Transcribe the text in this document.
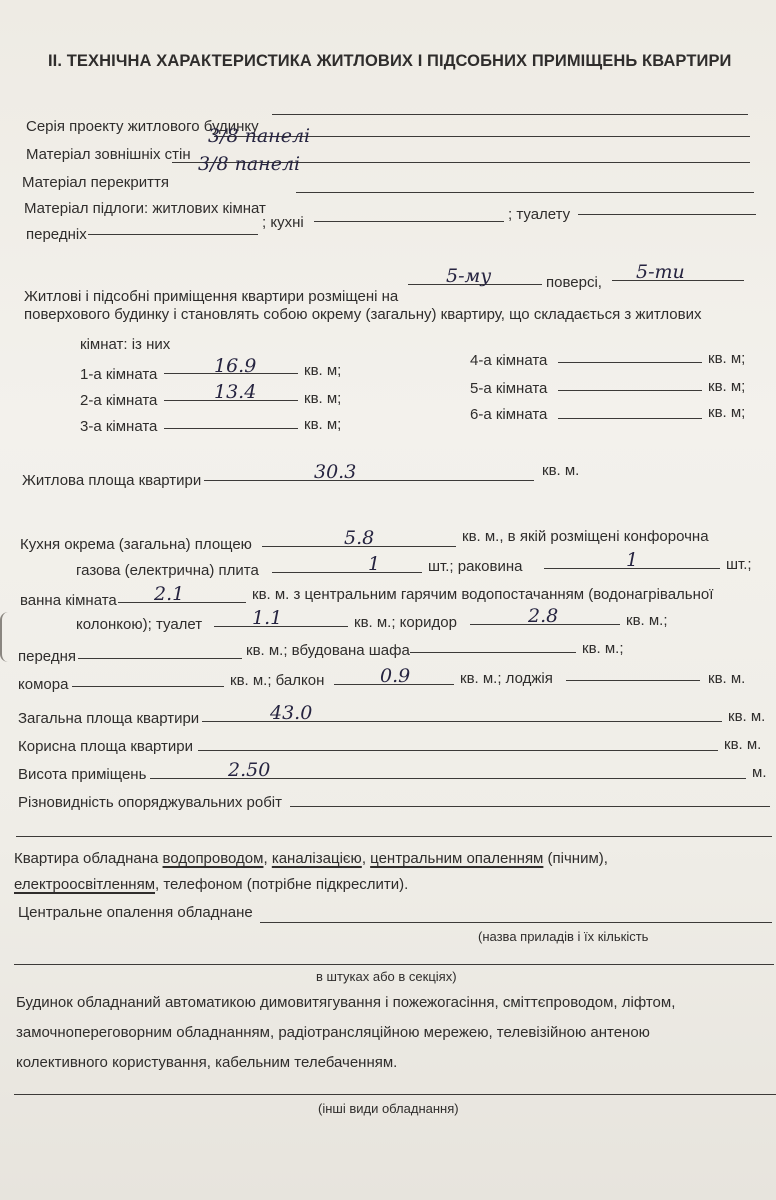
II. ТЕХНІЧНА ХАРАКТЕРИСТИКА ЖИТЛОВИХ І ПІДСОБНИХ ПРИМІЩЕНЬ КВАРТИРИ
Серія проекту житлового будинку
Матеріал зовнішніх стін
3/8 панелі
Матеріал перекриття
3/8 панелі
Матеріал підлоги: житлових кімнат
передніх
; кухні	; туалету
Житлові і підсобні приміщення квартири розміщені на
5-му	поверсі, 5-ти
поверхового будинку і становлять собою окрему (загальну) квартиру, що складається з житлових
кімнат: із них
1-а кімната	16.9	кв. м;
2-а кімната	13.4	кв. м;
3-а кімната	кв. м;
4-а кімната	кв. м;
5-а кімната	кв. м;
6-а кімната	кв. м;
Житлова площа квартири	30.3	кв. м.
Кухня окрема (загальна) площею	5.8	кв. м., в якій розміщені конфорочна
газова (електрична) плита	1	шт.; раковина	1	шт.;
ванна кімната 2.1	кв. м. з центральним гарячим водопостачанням (водонагрівальної
колонкою); туалет	1.1	кв. м.; коридор	2.8	кв. м.;
передня	кв. м.; вбудована шафа	кв. м.;
комора	кв. м.; балкон	0.9	кв. м.; лоджія	кв. м.
Загальна площа квартири	43.0	кв. м.
Корисна площа квартири	кв. м.
Висота приміщень	2.50	м.
Різновидність опоряджувальних робіт
Квартира обладнана водопроводом, каналізацією, центральним опаленням (пічним),
електроосвітленням, телефоном (потрібне підкреслити).
Центральне опалення обладнане
(назва приладів і їх кількість
в штуках або в секціях)
Будинок обладнаний автоматикою димовитягування і пожежогасіння, сміттєпроводом, ліфтом,
замочнопереговорним обладнанням, радіотрансляційною мережею, телевізійною антеною
колективного користування, кабельним телебаченням.
(інші види обладнання)
